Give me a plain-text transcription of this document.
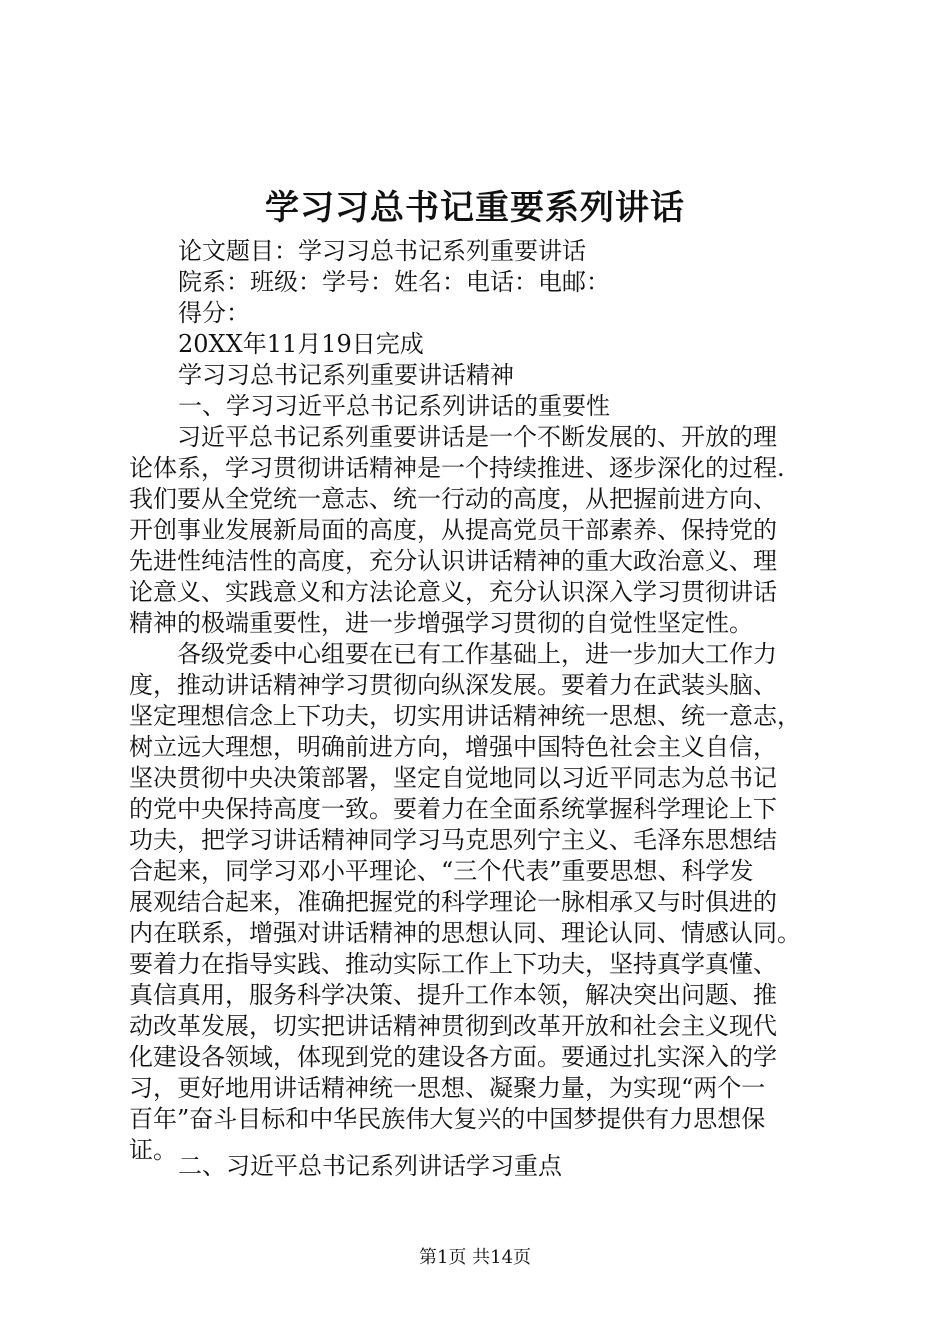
学习习总书记重要系列讲话
论文题目：学习习总书记系列重要讲话
院系：班级：学号：姓名：电话：电邮：
得分：
20XX年11月19日完成
学习习总书记系列重要讲话精神
一、学习习近平总书记系列讲话的重要性
　　习近平总书记系列重要讲话是一个不断发展的、开放的理
论体系，学习贯彻讲话精神是一个持续推进、逐步深化的过程.
我们要从全党统一意志、统一行动的高度，从把握前进方向、
开创事业发展新局面的高度，从提高党员干部素养、保持党的
先进性纯洁性的高度，充分认识讲话精神的重大政治意义、理
论意义、实践意义和方法论意义，充分认识深入学习贯彻讲话
精神的极端重要性，进一步增强学习贯彻的自觉性坚定性。
　　各级党委中心组要在已有工作基础上，进一步加大工作力
度，推动讲话精神学习贯彻向纵深发展。要着力在武装头脑、
坚定理想信念上下功夫，切实用讲话精神统一思想、统一意志，
树立远大理想，明确前进方向，增强中国特色社会主义自信，
坚决贯彻中央决策部署，坚定自觉地同以习近平同志为总书记
的党中央保持高度一致。要着力在全面系统掌握科学理论上下
功夫，把学习讲话精神同学习马克思列宁主义、毛泽东思想结
合起来，同学习邓小平理论、“三个代表”重要思想、科学发
展观结合起来，准确把握党的科学理论一脉相承又与时俱进的
内在联系，增强对讲话精神的思想认同、理论认同、情感认同。
要着力在指导实践、推动实际工作上下功夫，坚持真学真懂、
真信真用，服务科学决策、提升工作本领，解决突出问题、推
动改革发展，切实把讲话精神贯彻到改革开放和社会主义现代
化建设各领域，体现到党的建设各方面。要通过扎实深入的学
习，更好地用讲话精神统一思想、凝聚力量，为实现“两个一
百年”奋斗目标和中华民族伟大复兴的中国梦提供有力思想保
证。
二、习近平总书记系列讲话学习重点
第1页 共14页
